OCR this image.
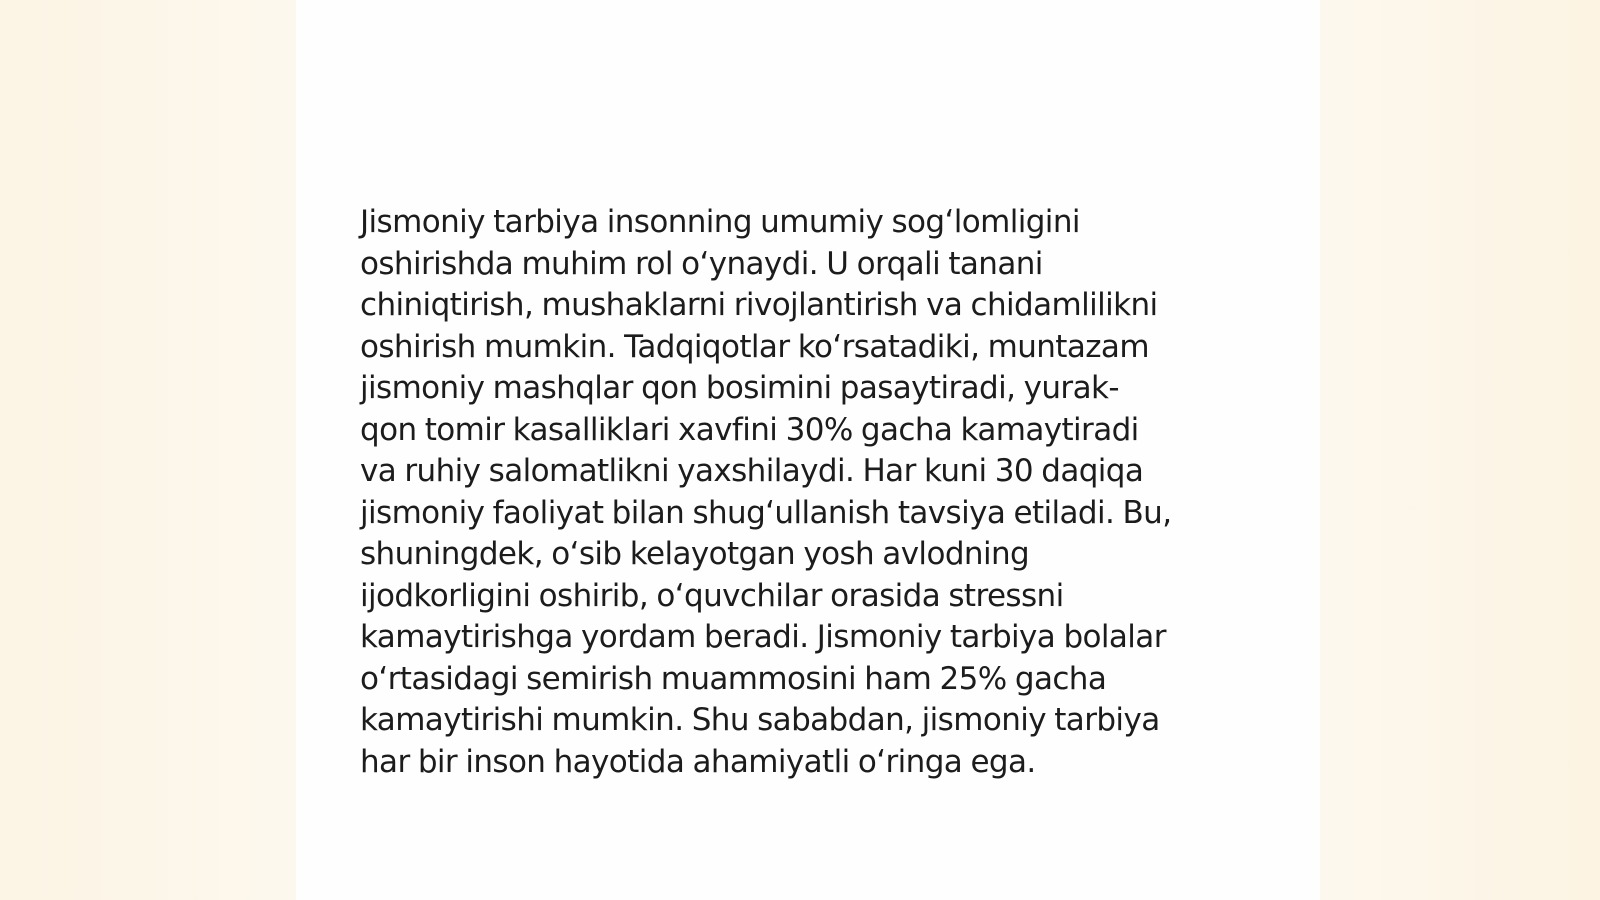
Jismoniy tarbiya insonning umumiy sogʻlomligini
oshirishda muhim rol oʻynaydi. U orqali tanani
chiniqtirish, mushaklarni rivojlantirish va chidamlilikni
oshirish mumkin. Tadqiqotlar koʻrsatadiki, muntazam
jismoniy mashqlar qon bosimini pasaytiradi, yurak-
qon tomir kasalliklari xavfini 30% gacha kamaytiradi
va ruhiy salomatlikni yaxshilaydi. Har kuni 30 daqiqa
jismoniy faoliyat bilan shugʻullanish tavsiya etiladi. Bu,
shuningdek, oʻsib kelayotgan yosh avlodning
ijodkorligini oshirib, oʻquvchilar orasida stressni
kamaytirishga yordam beradi. Jismoniy tarbiya bolalar
oʻrtasidagi semirish muammosini ham 25% gacha
kamaytirishi mumkin. Shu sababdan, jismoniy tarbiya
har bir inson hayotida ahamiyatli oʻringa ega.
